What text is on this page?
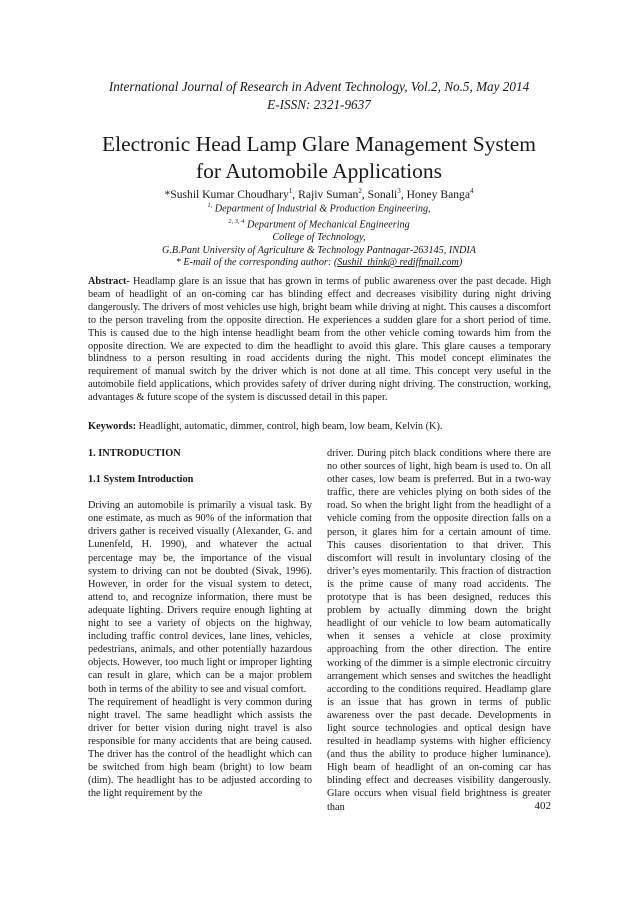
International Journal of Research in Advent Technology, Vol.2, No.5, May 2014
E-ISSN: 2321-9637
Electronic Head Lamp Glare Management System
for Automobile Applications
*Sushil Kumar Choudhary$^1$, Rajiv Suman$^2$, Sonali$^3$, Honey Banga$^4$
$^{1,}$ Department of Industrial & Production Engineering,
$^{2, 3, 4}$ Department of Mechanical Engineering
College of Technology,
G.B.Pant University of Agriculture & Technology Pantnagar-263145, INDIA
* E-mail of the corresponding author: (Sushil_think@ rediffmail.com)
Abstract- Headlamp glare is an issue that has grown in terms of public awareness over the past decade. High beam of headlight of an on-coming car has blinding effect and decreases visibility during night driving dangerously. The drivers of most vehicles use high, bright beam while driving at night. This causes a discomfort to the person traveling from the opposite direction. He experiences a sudden glare for a short period of time. This is caused due to the high intense headlight beam from the other vehicle coming towards him from the opposite direction. We are expected to dim the headlight to avoid this glare. This glare causes a temporary blindness to a person resulting in road accidents during the night. This model concept eliminates the requirement of manual switch by the driver which is not done at all time. This concept very useful in the automobile field applications, which provides safety of driver during night driving. The construction, working, advantages & future scope of the system is discussed detail in this paper.
Keywords: Headlight, automatic, dimmer, control, high beam, low beam, Kelvin (K).

1. INTRODUCTION

1.1 System Introduction

Driving an automobile is primarily a visual task. By one estimate, as much as 90% of the information that drivers gather is received visually (Alexander, G. and Lunenfeld, H. 1990), and whatever the actual percentage may be, the importance of the visual system to driving can not be doubted (Sivak, 1996). However, in order for the visual system to detect, attend to, and recognize information, there must be adequate lighting. Drivers require enough lighting at night to see a variety of objects on the highway, including traffic control devices, lane lines, vehicles, pedestrians, animals, and other potentially hazardous objects. However, too much light or improper lighting can result in glare, which can be a major problem both in terms of the ability to see and visual comfort.

The requirement of headlight is very common during night travel. The same headlight which assists the driver for better vision during night travel is also responsible for many accidents that are being caused. The driver has the control of the headlight which can be switched from high beam (bright) to low beam (dim). The headlight has to be adjusted according to the light requirement by the

driver. During pitch black conditions where there are no other sources of light, high beam is used to. On all other cases, low beam is preferred. But in a two-way traffic, there are vehicles plying on both sides of the road. So when the bright light from the headlight of a vehicle coming from the opposite direction falls on a person, it glares him for a certain amount of time. This causes disorientation to that driver. This discomfort will result in involuntary closing of the driver’s eyes momentarily. This fraction of distraction is the prime cause of many road accidents. The prototype that is has been designed, reduces this problem by actually dimming down the bright headlight of our vehicle to low beam automatically when it senses a vehicle at close proximity approaching from the other direction. The entire working of the dimmer is a simple electronic circuitry arrangement which senses and switches the headlight according to the conditions required. Headlamp glare is an issue that has grown in terms of public awareness over the past decade. Developments in light source technologies and optical design have resulted in headlamp systems with higher efficiency (and thus the ability to produce higher luminance). High beam of headlight of an on-coming car has blinding effect and decreases visibility dangerously. Glare occurs when visual field brightness is greater than	402
